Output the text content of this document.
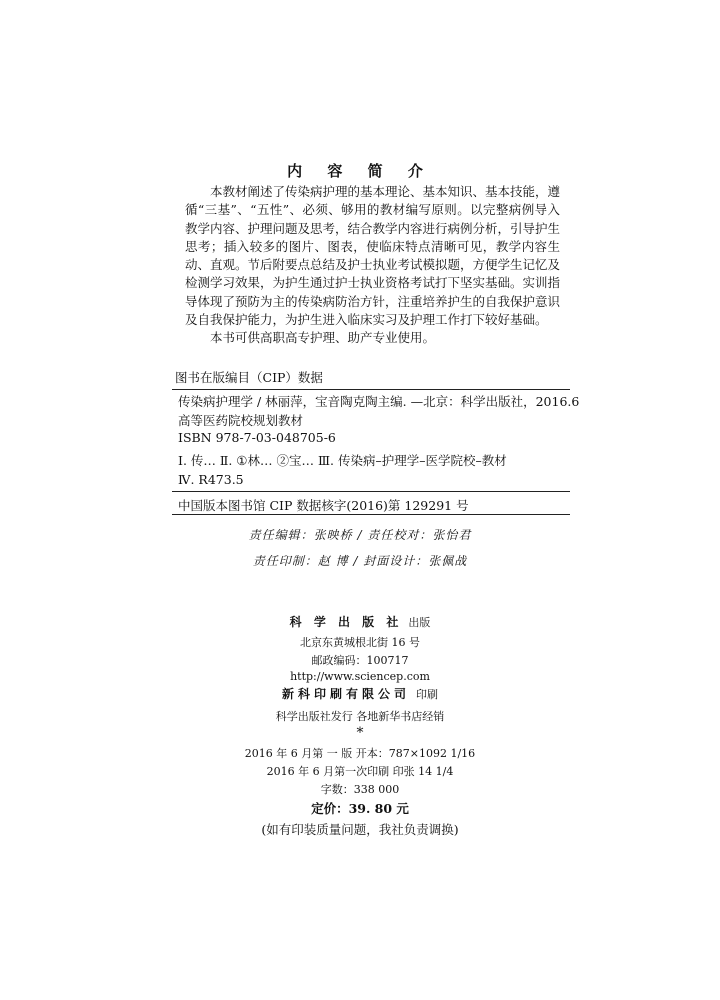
内 容 简 介

本教材阐述了传染病护理的基本理论、基本知识、基本技能，遵循“三基”、“五性”、必须、够用的教材编写原则。以完整病例导入教学内容、护理问题及思考，结合教学内容进行病例分析，引导护生思考；插入较多的图片、图表，使临床特点清晰可见，教学内容生动、直观。节后附要点总结及护士执业考试模拟题，方便学生记忆及检测学习效果，为护生通过护士执业资格考试打下坚实基础。实训指导体现了预防为主的传染病防治方针，注重培养护生的自我保护意识及自我保护能力，为护生进入临床实习及护理工作打下较好基础。

本书可供高职高专护理、助产专业使用。

图书在版编目（CIP）数据
传染病护理学 / 林丽萍，宝音陶克陶主编. —北京：科学出版社，2016.6
高等医药院校规划教材
ISBN 978-7-03-048705-6
Ⅰ. 传… Ⅱ. ①林… ②宝… Ⅲ. 传染病–护理学–医学院校–教材
Ⅳ. R473.5
中国版本图书馆 CIP 数据核字(2016)第 129291 号
责任编辑：张映桥 / 责任校对：张怡君
责任印制：赵 博 / 封面设计：张佩战
科 学 出 版 社 出版
北京东黄城根北街 16 号
邮政编码：100717
http://www.sciencep.com
新科印刷有限公司 印刷
科学出版社发行 各地新华书店经销
*
2016 年 6 月第 一 版 开本：787×1092 1/16
2016 年 6 月第一次印刷 印张 14 1/4
字数：338 000
定价：39. 80 元
(如有印装质量问题，我社负责调换)
